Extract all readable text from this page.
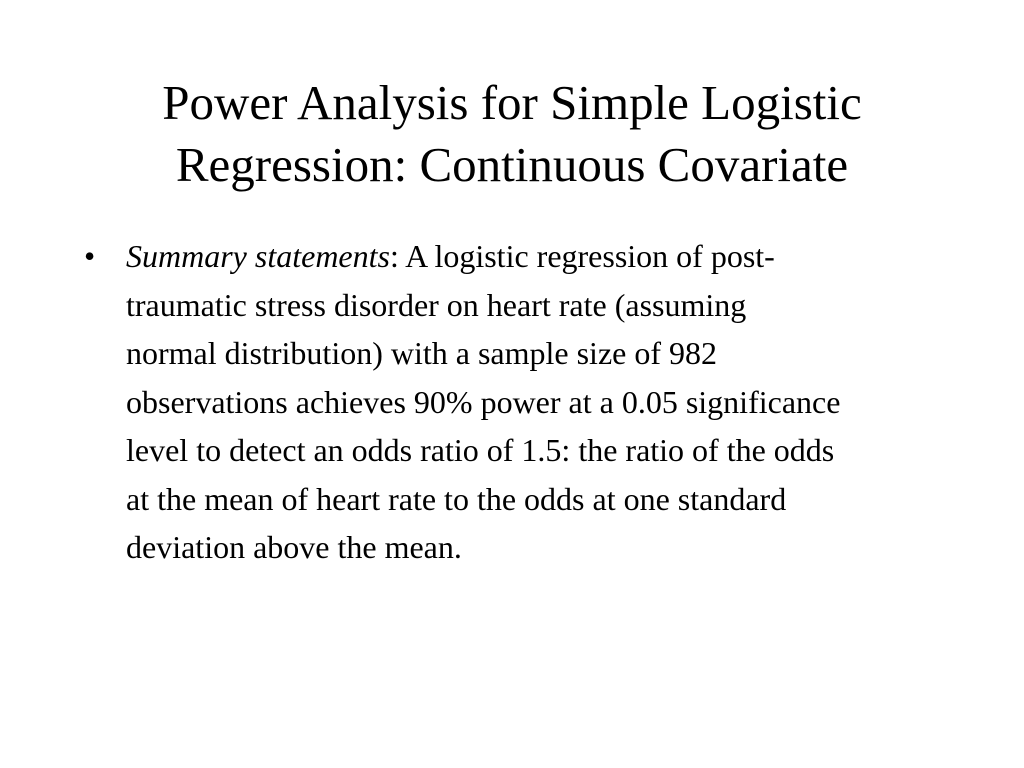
Power Analysis for Simple Logistic
Regression: Continuous Covariate
• Summary statements: A logistic regression of post-
traumatic stress disorder on heart rate (assuming
normal distribution) with a sample size of 982
observations achieves 90% power at a 0.05 significance
level to detect an odds ratio of 1.5: the ratio of the odds
at the mean of heart rate to the odds at one standard
deviation above the mean.
